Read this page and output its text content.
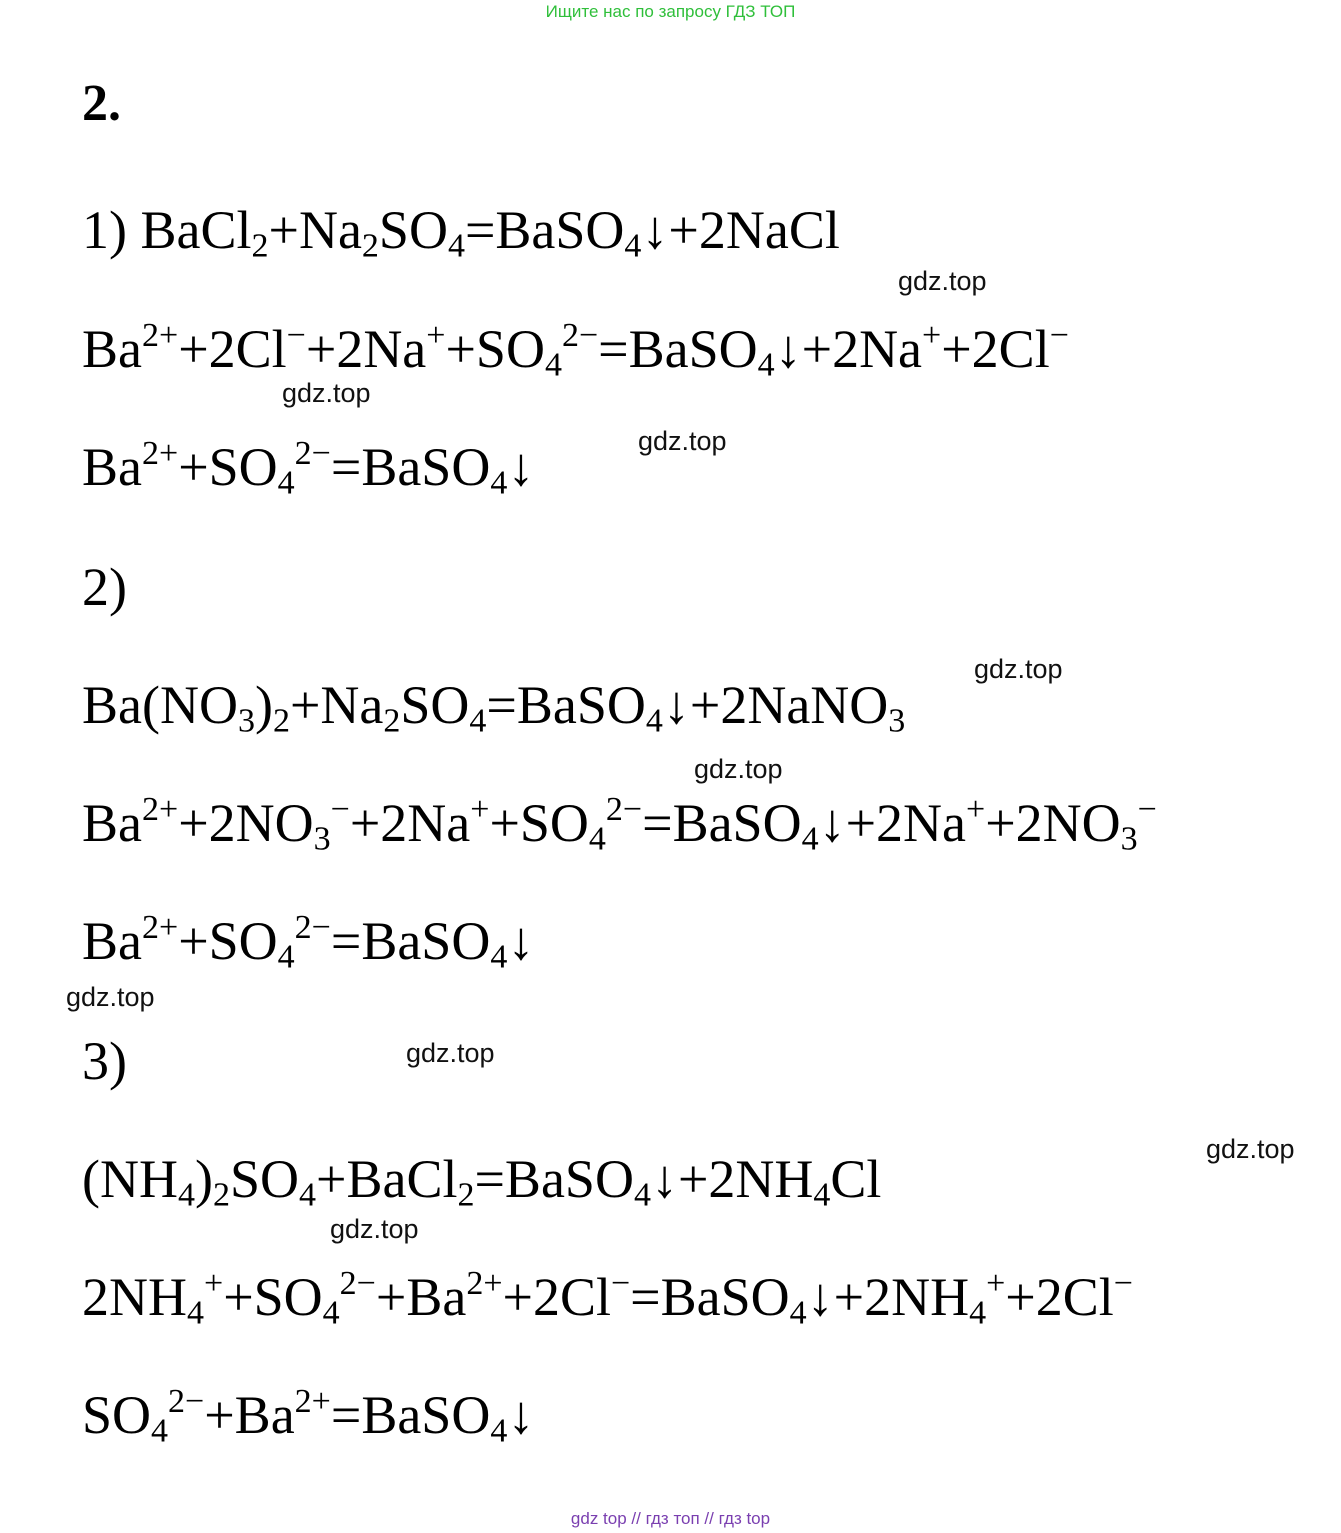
Ищите нас по запросу ГДЗ ТОП
2.
1) $BaCl_2+Na_2SO_4=BaSO_4↓+2NaCl$
$Ba^{2+}+2Cl^-+2Na^++SO_4^{2-}=BaSO_4↓+2Na^++2Cl^-$
$Ba^{2+}+SO_4^{2-}=BaSO_4↓$
2)
$Ba(NO_3)_2+Na_2SO_4=BaSO_4↓+2NaNO_3$
$Ba^{2+}+2NO_3^-+2Na^++SO_4^{2-}=BaSO_4↓+2Na^++2NO_3^-$
$Ba^{2+}+SO_4^{2-}=BaSO_4↓$
3)
$(NH_4)_2SO_4+BaCl_2=BaSO_4↓+2NH_4Cl$
$2NH_4^++SO_4^{2-}+Ba^{2+}+2Cl^-=BaSO_4↓+2NH_4^++2Cl^-$
$SO_4^{2-}+Ba^{2+}=BaSO_4↓$
gdz.top
gdz.top
gdz.top
gdz.top
gdz.top
gdz.top
gdz.top
gdz.top
gdz.top
gdz top // гдз топ // гдз top
